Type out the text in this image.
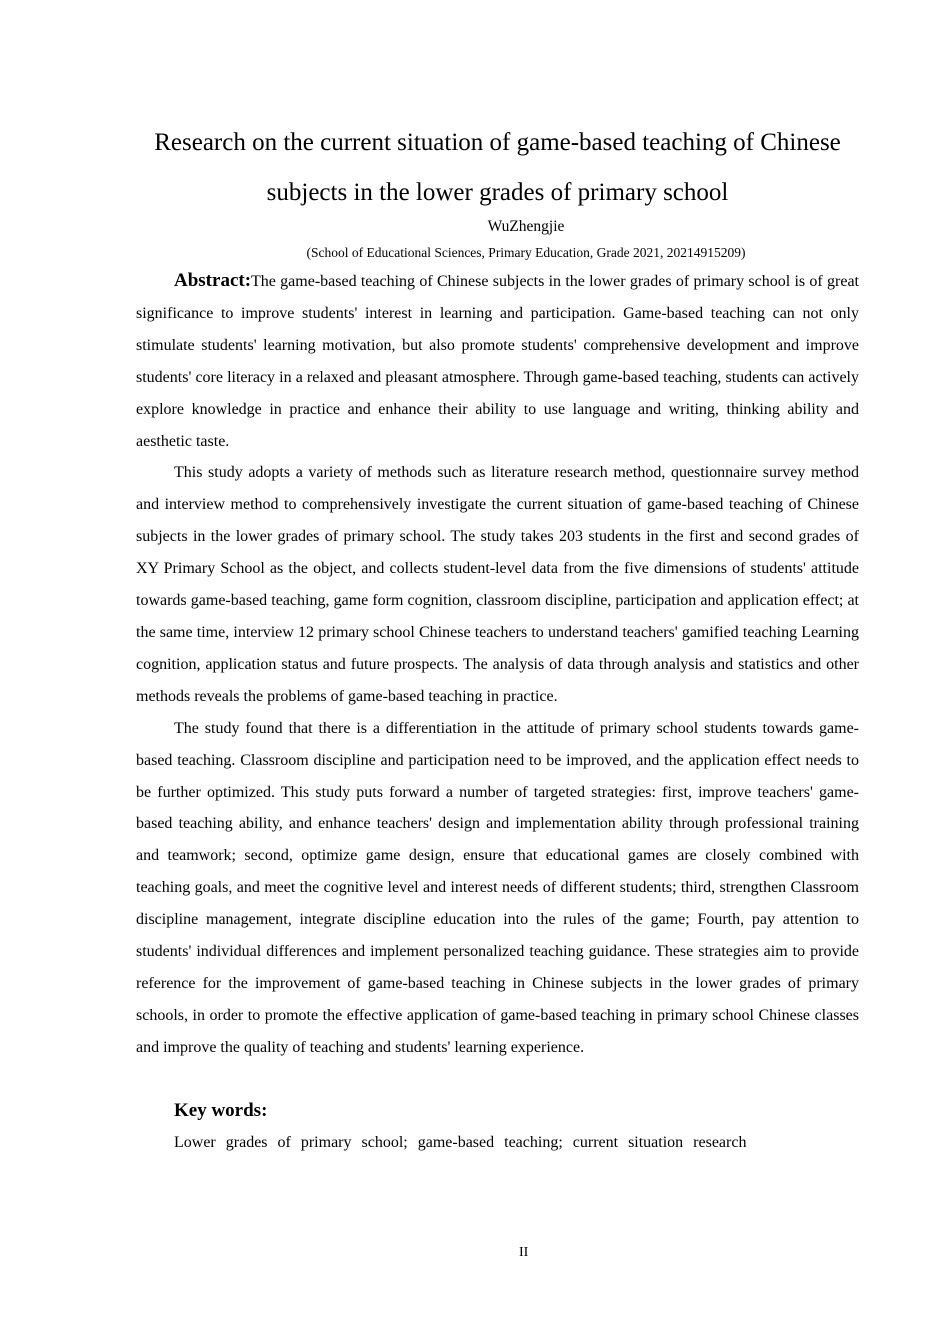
Research on the current situation of game-based teaching of Chinese subjects in the lower grades of primary school
WuZhengjie
(School of Educational Sciences, Primary Education, Grade 2021, 20214915209)

Abstract:The game-based teaching of Chinese subjects in the lower grades of primary school is of great significance to improve students' interest in learning and participation. Game-based teaching can not only stimulate students' learning motivation, but also promote students' comprehensive development and improve students' core literacy in a relaxed and pleasant atmosphere. Through game-based teaching, students can actively explore knowledge in practice and enhance their ability to use language and writing, thinking ability and aesthetic taste.

This study adopts a variety of methods such as literature research method, questionnaire survey method and interview method to comprehensively investigate the current situation of game-based teaching of Chinese subjects in the lower grades of primary school. The study takes 203 students in the first and second grades of XY Primary School as the object, and collects student-level data from the five dimensions of students' attitude towards game-based teaching, game form cognition, classroom discipline, participation and application effect; at the same time, interview 12 primary school Chinese teachers to understand teachers' gamified teaching Learning cognition, application status and future prospects. The analysis of data through analysis and statistics and other methods reveals the problems of game-based teaching in practice.

The study found that there is a differentiation in the attitude of primary school students towards game-based teaching. Classroom discipline and participation need to be improved, and the application effect needs to be further optimized. This study puts forward a number of targeted strategies: first, improve teachers' game-based teaching ability, and enhance teachers' design and implementation ability through professional training and teamwork; second, optimize game design, ensure that educational games are closely combined with teaching goals, and meet the cognitive level and interest needs of different students; third, strengthen Classroom discipline management, integrate discipline education into the rules of the game; Fourth, pay attention to students' individual differences and implement personalized teaching guidance. These strategies aim to provide reference for the improvement of game-based teaching in Chinese subjects in the lower grades of primary schools, in order to promote the effective application of game-based teaching in primary school Chinese classes and improve the quality of teaching and students' learning experience.

Key words:
Lower grades of primary school; game-based teaching; current situation research
II
